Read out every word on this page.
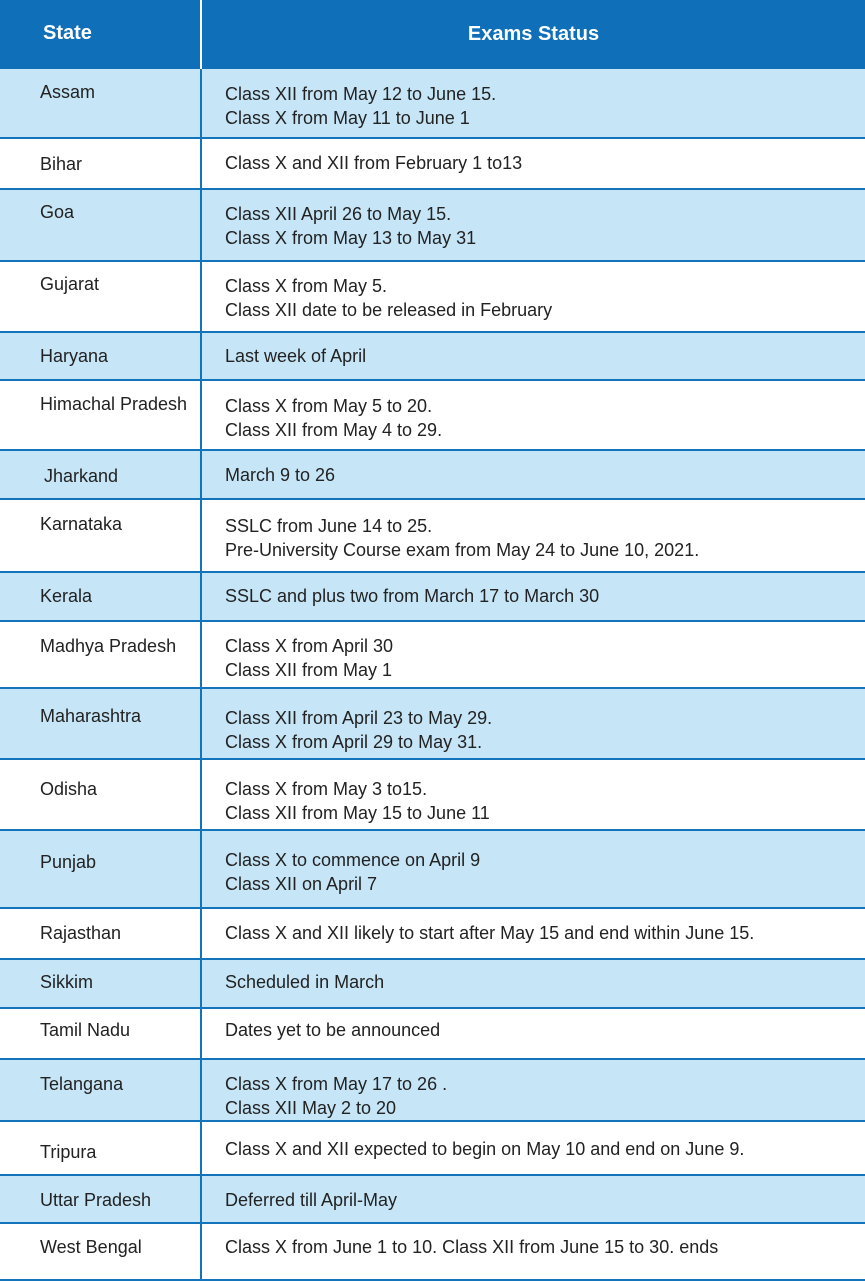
State	Exams Status
Assam	Class XII from May 12 to June 15.
Class X from May 11 to June 1
Bihar	Class X and XII from February 1 to13
Goa	Class XII April 26 to May 15.
Class X from May 13 to May 31
Gujarat	Class X from May 5.
Class XII date to be released in February
Haryana	Last week of April
Himachal Pradesh	Class X from May 5 to 20.
Class XII from May 4 to 29.
Jharkand	March 9 to 26
Karnataka	SSLC from June 14 to 25.
Pre-University Course exam from May 24 to June 10, 2021.
Kerala	SSLC and plus two from March 17 to March 30
Madhya Pradesh	Class X from April 30
Class XII from May 1
Maharashtra	Class XII from April 23 to May 29.
Class X from April 29 to May 31.
Odisha	Class X from May 3 to15.
Class XII from May 15 to June 11
Punjab	Class X to commence on April 9
Class XII on April 7
Rajasthan	Class X and XII likely to start after May 15 and end within June 15.
Sikkim	Scheduled in March
Tamil Nadu	Dates yet to be announced
Telangana	Class X from May 17 to 26 .
Class XII May 2 to 20
Tripura	Class X and XII expected to begin on May 10 and end on June 9.
Uttar Pradesh	Deferred till April-May
West Bengal	Class X from June 1 to 10. Class XII from June 15 to 30. ends
